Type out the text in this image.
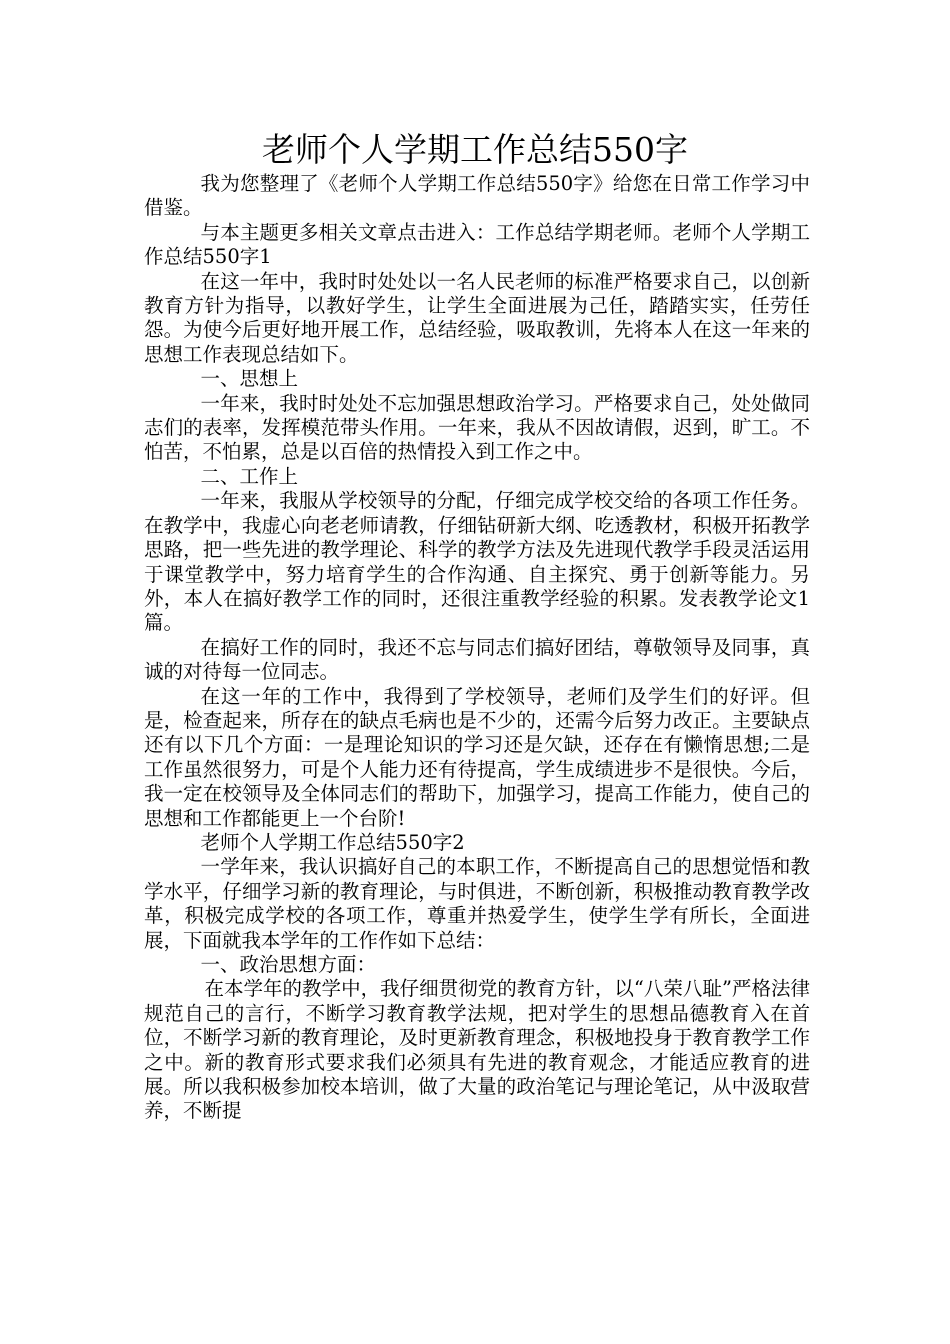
老师个人学期工作总结550字

我为您整理了《老师个人学期工作总结550字》给您在日常工作学习中借鉴。

与本主题更多相关文章点击进入：工作总结学期老师。老师个人学期工作总结550字1

在这一年中，我时时处处以一名人民老师的标准严格要求自己，以创新教育方针为指导，以教好学生，让学生全面进展为己任，踏踏实实，任劳任怨。为使今后更好地开展工作，总结经验，吸取教训，先将本人在这一年来的思想工作表现总结如下。

一、思想上

一年来，我时时处处不忘加强思想政治学习。严格要求自己，处处做同志们的表率，发挥模范带头作用。一年来，我从不因故请假，迟到，旷工。不怕苦，不怕累，总是以百倍的热情投入到工作之中。

二、工作上

一年来，我服从学校领导的分配，仔细完成学校交给的各项工作任务。在教学中，我虚心向老老师请教，仔细钻研新大纲、吃透教材，积极开拓教学思路，把一些先进的教学理论、科学的教学方法及先进现代教学手段灵活运用于课堂教学中，努力培育学生的合作沟通、自主探究、勇于创新等能力。另外，本人在搞好教学工作的同时，还很注重教学经验的积累。发表教学论文1篇。

在搞好工作的同时，我还不忘与同志们搞好团结，尊敬领导及同事，真诚的对待每一位同志。

在这一年的工作中，我得到了学校领导，老师们及学生们的好评。但是，检查起来，所存在的缺点毛病也是不少的，还需今后努力改正。主要缺点还有以下几个方面：一是理论知识的学习还是欠缺，还存在有懒惰思想;二是工作虽然很努力，可是个人能力还有待提高，学生成绩进步不是很快。今后，我一定在校领导及全体同志们的帮助下，加强学习，提高工作能力，使自己的思想和工作都能更上一个台阶!

老师个人学期工作总结550字2

一学年来，我认识搞好自己的本职工作，不断提高自己的思想觉悟和教学水平，仔细学习新的教育理论，与时俱进，不断创新，积极推动教育教学改革，积极完成学校的各项工作，尊重并热爱学生，使学生学有所长，全面进展，下面就我本学年的工作作如下总结：

一、政治思想方面：

在本学年的教学中，我仔细贯彻党的教育方针，以“八荣八耻”严格法律规范自己的言行，不断学习教育教学法规，把对学生的思想品德教育入在首位，不断学习新的教育理论，及时更新教育理念，积极地投身于教育教学工作之中。新的教育形式要求我们必须具有先进的教育观念，才能适应教育的进展。所以我积极参加校本培训，做了大量的政治笔记与理论笔记，从中汲取营养，不断提
